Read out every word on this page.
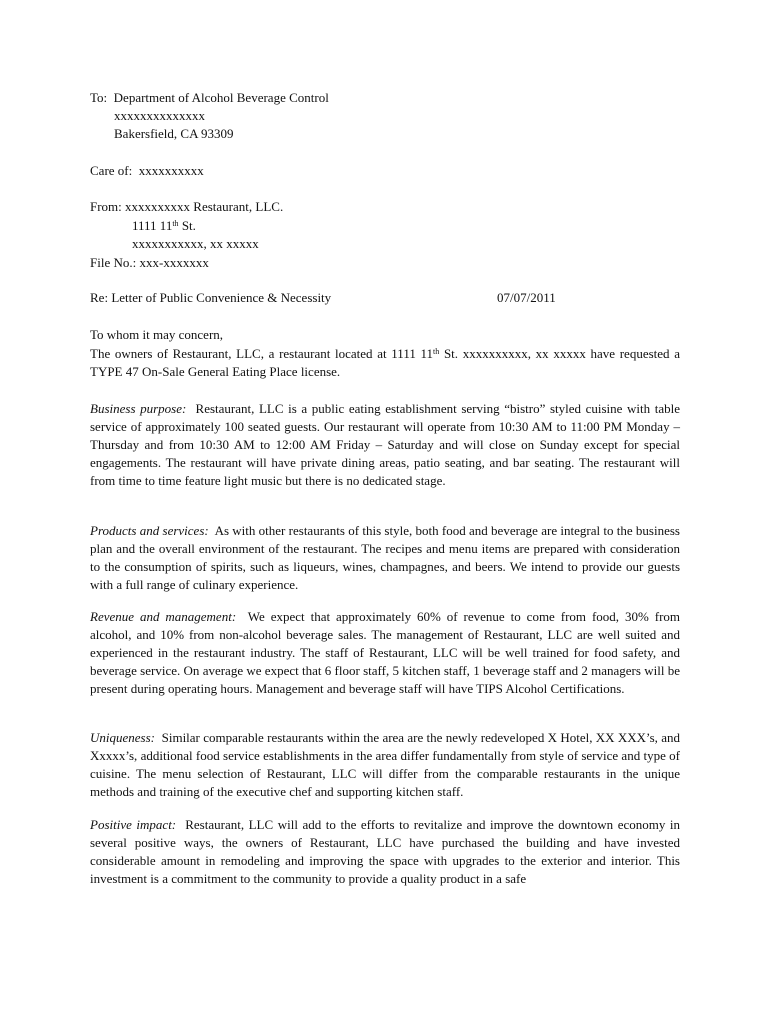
To: Department of Alcohol Beverage Control
xxxxxxxxxxxxxx
Bakersfield, CA 93309
Care of: xxxxxxxxxx
From: xxxxxxxxxx Restaurant, LLC.
1111 11th St.
xxxxxxxxxxx, xx xxxxx
File No.: xxx-xxxxxxx
Re: Letter of Public Convenience & Necessity	07/07/2011
To whom it may concern,

The owners of Restaurant, LLC, a restaurant located at 1111 11th St. xxxxxxxxxx, xx xxxxx have requested a TYPE 47 On-Sale General Eating Place license.

Business purpose: Restaurant, LLC is a public eating establishment serving “bistro” styled cuisine with table service of approximately 100 seated guests. Our restaurant will operate from 10:30 AM to 11:00 PM Monday – Thursday and from 10:30 AM to 12:00 AM Friday – Saturday and will close on Sunday except for special engagements. The restaurant will have private dining areas, patio seating, and bar seating. The restaurant will from time to time feature light music but there is no dedicated stage.

Products and services: As with other restaurants of this style, both food and beverage are integral to the business plan and the overall environment of the restaurant. The recipes and menu items are prepared with consideration to the consumption of spirits, such as liqueurs, wines, champagnes, and beers. We intend to provide our guests with a full range of culinary experience.

Revenue and management: We expect that approximately 60% of revenue to come from food, 30% from alcohol, and 10% from non-alcohol beverage sales. The management of Restaurant, LLC are well suited and experienced in the restaurant industry. The staff of Restaurant, LLC will be well trained for food safety, and beverage service. On average we expect that 6 floor staff, 5 kitchen staff, 1 beverage staff and 2 managers will be present during operating hours. Management and beverage staff will have TIPS Alcohol Certifications.

Uniqueness: Similar comparable restaurants within the area are the newly redeveloped X Hotel, XX XXX’s, and Xxxxx’s, additional food service establishments in the area differ fundamentally from style of service and type of cuisine. The menu selection of Restaurant, LLC will differ from the comparable restaurants in the unique methods and training of the executive chef and supporting kitchen staff.

Positive impact: Restaurant, LLC will add to the efforts to revitalize and improve the downtown economy in several positive ways, the owners of Restaurant, LLC have purchased the building and have invested considerable amount in remodeling and improving the space with upgrades to the exterior and interior. This investment is a commitment to the community to provide a quality product in a safe
